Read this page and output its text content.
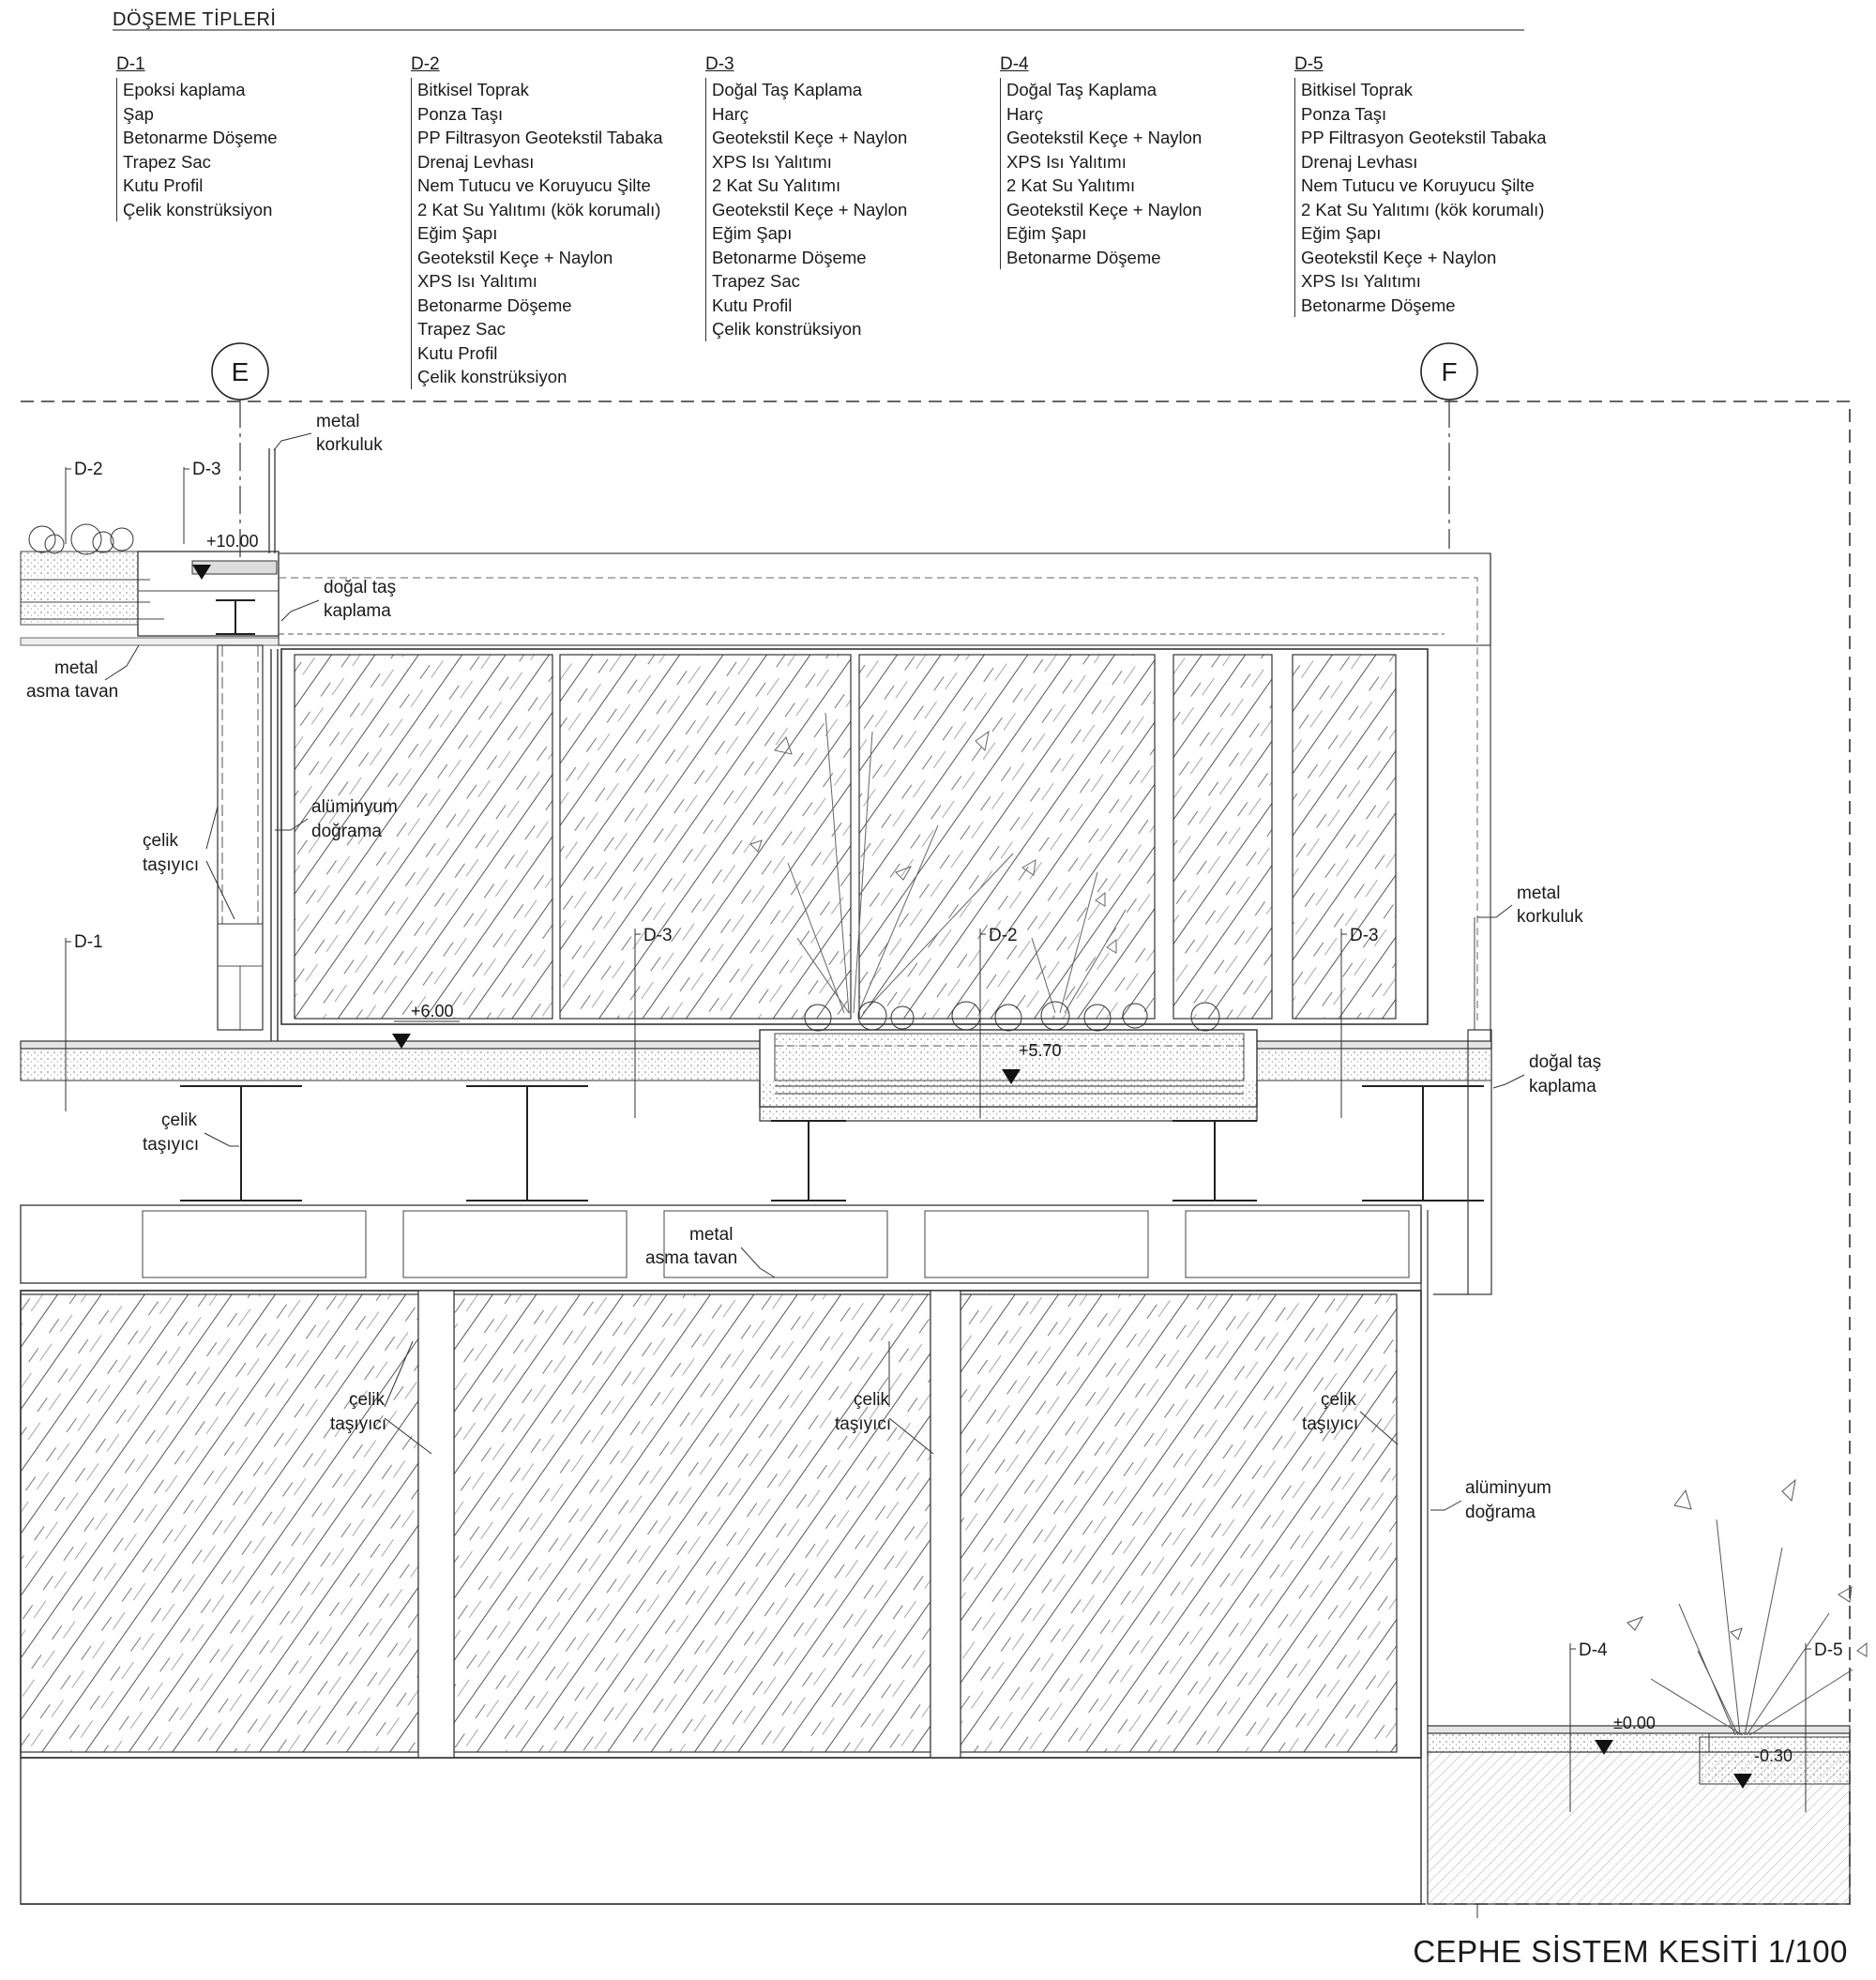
DÖŞEME TİPLERİ
D-1
Epoksi kaplama
Şap
Betonarme Döşeme
Trapez Sac
Kutu Profil
Çelik konstrüksiyon
D-2
Bitkisel Toprak
Ponza Taşı
PP Filtrasyon Geotekstil Tabaka
Drenaj Levhası
Nem Tutucu ve Koruyucu Şilte
2 Kat Su Yalıtımı (kök korumalı)
Eğim Şapı
Geotekstil Keçe + Naylon
XPS Isı Yalıtımı
Betonarme Döşeme
Trapez Sac
Kutu Profil
Çelik konstrüksiyon
D-3
Doğal Taş Kaplama
Harç
Geotekstil Keçe + Naylon
XPS Isı Yalıtımı
2 Kat Su Yalıtımı
Geotekstil Keçe + Naylon
Eğim Şapı
Betonarme Döşeme
Trapez Sac
Kutu Profil
Çelik konstrüksiyon
D-4
Doğal Taş Kaplama
Harç
Geotekstil Keçe + Naylon
XPS Isı Yalıtımı
2 Kat Su Yalıtımı
Geotekstil Keçe + Naylon
Eğim Şapı
Betonarme Döşeme
D-5
Bitkisel Toprak
Ponza Taşı
PP Filtrasyon Geotekstil Tabaka
Drenaj Levhası
Nem Tutucu ve Koruyucu Şilte
2 Kat Su Yalıtımı (kök korumalı)
Eğim Şapı
Geotekstil Keçe + Naylon
XPS Isı Yalıtımı
Betonarme Döşeme
E	F
D-2	D-3
D-1	D-3	D-2	D-3
D-4	D-5
+10.00
+6.00
+5.70
±0.00
-0.30
metal
korkuluk
doğal taş
kaplama
metal
asma tavan
alüminyum
doğrama
çelik
taşıyıcı
metal
korkuluk
doğal taş
kaplama
çelik
taşıyıcı
metal
asma tavan
çelik
taşıyıcı
çelik
taşıyıcı
çelik
taşıyıcı
alüminyum
doğrama
CEPHE SİSTEM KESİTİ 1/100
